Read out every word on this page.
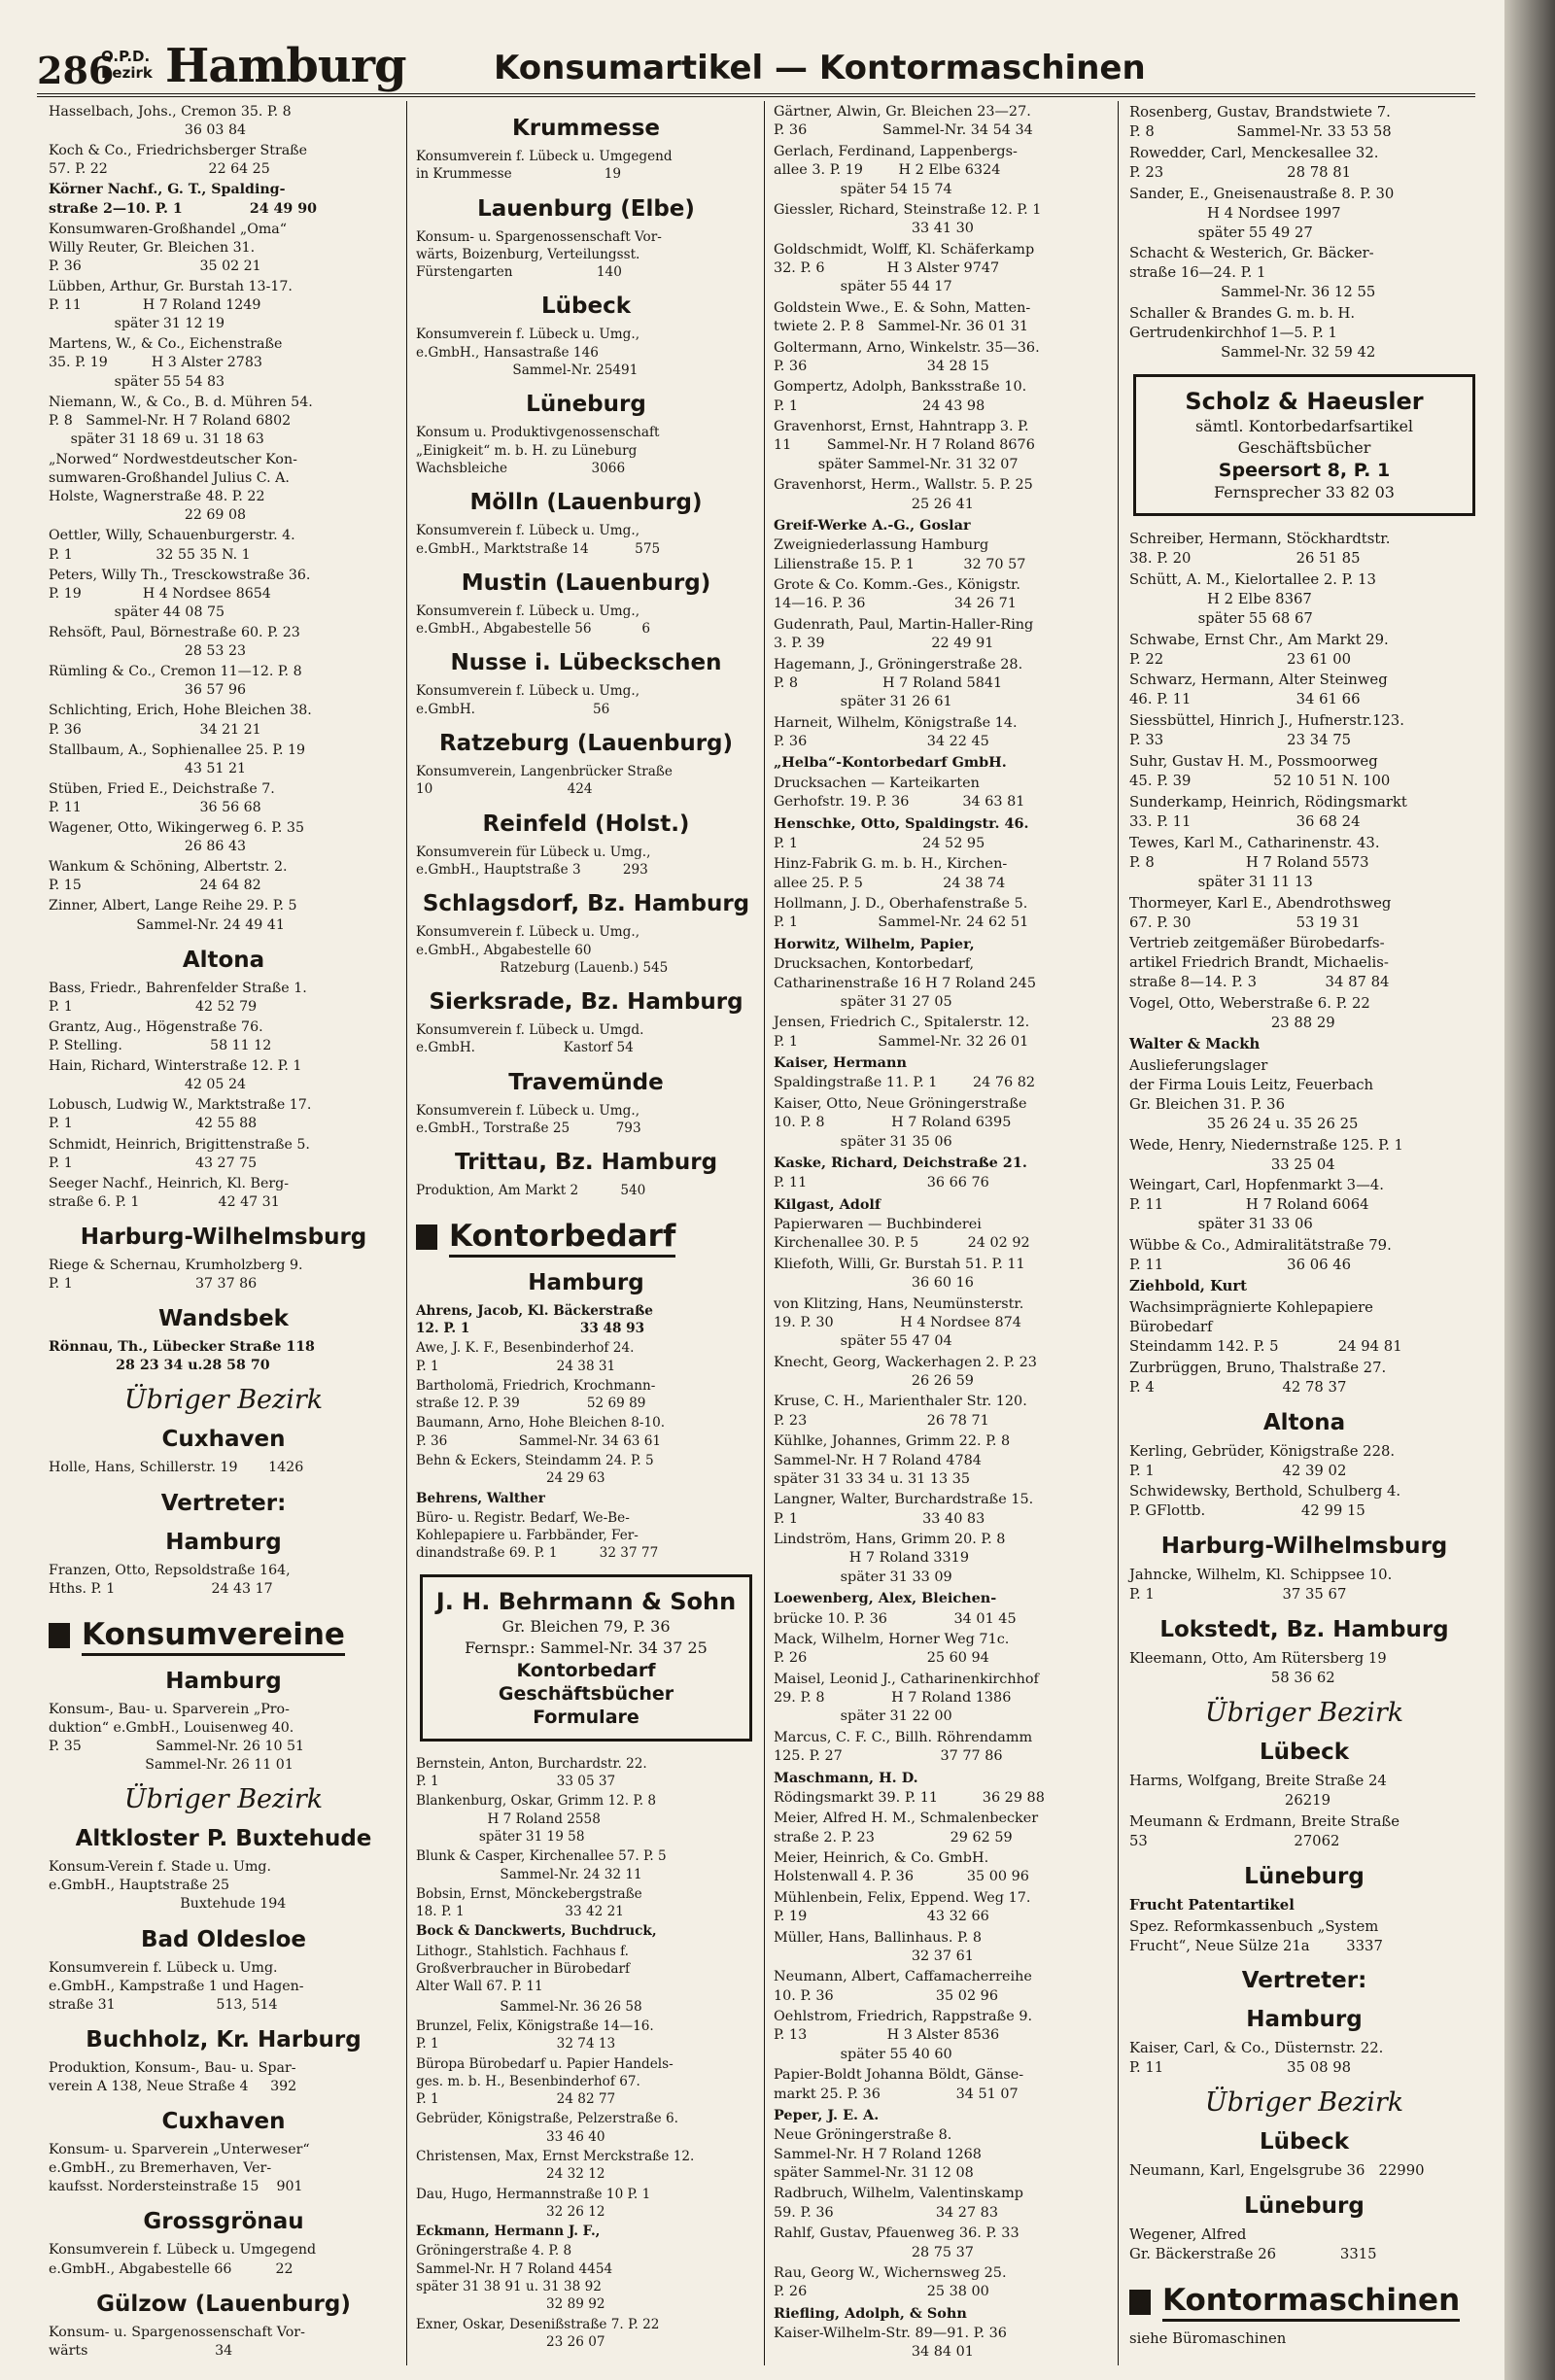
286
O.P.D.
Bezirk Hamburg	Konsumartikel — Kontormaschinen
Hasselbach, Johs., Cremon 35. P. 8
36 03 84
Koch & Co., Friedrichsberger Straße
57. P. 22                       22 64 25
Körner Nachf., G. T., Spalding-
straße 2—10. P. 1              24 49 90
Konsumwaren-Großhandel „Oma“
Willy Reuter, Gr. Bleichen 31.
P. 36                           35 02 21
Lübben, Arthur, Gr. Burstah 13-17.
P. 11              H 7 Roland 1249
später 31 12 19
Martens, W., & Co., Eichenstraße
35. P. 19          H 3 Alster 2783
später 55 54 83
Niemann, W., & Co., B. d. Mühren 54.
P. 8   Sammel-Nr. H 7 Roland 6802
später 31 18 69 u. 31 18 63
„Norwed“ Nordwestdeutscher Kon-
sumwaren-Großhandel Julius C. A.
Holste, Wagnerstraße 48. P. 22
22 69 08
Oettler, Willy, Schauenburgerstr. 4.
P. 1                   32 55 35 N. 1
Peters, Willy Th., Tresckowstraße 36.
P. 19              H 4 Nordsee 8654
später 44 08 75
Rehsöft, Paul, Börnestraße 60. P. 23
28 53 23
Rümling & Co., Cremon 11—12. P. 8
36 57 96
Schlichting, Erich, Hohe Bleichen 38.
P. 36                           34 21 21
Stallbaum, A., Sophienallee 25. P. 19
43 51 21
Stüben, Fried E., Deichstraße 7.
P. 11                           36 56 68
Wagener, Otto, Wikingerweg 6. P. 35
26 86 43
Wankum & Schöning, Albertstr. 2.
P. 15                           24 64 82
Zinner, Albert, Lange Reihe 29. P. 5
Sammel-Nr. 24 49 41
Altona
Bass, Friedr., Bahrenfelder Straße 1.
P. 1                            42 52 79
Grantz, Aug., Högenstraße 76.
P. Stelling.                    58 11 12
Hain, Richard, Winterstraße 12. P. 1
42 05 24
Lobusch, Ludwig W., Marktstraße 17.
P. 1                            42 55 88
Schmidt, Heinrich, Brigittenstraße 5.
P. 1                            43 27 75
Seeger Nachf., Heinrich, Kl. Berg-
straße 6. P. 1                  42 47 31
Harburg-Wilhelmsburg
Riege & Schernau, Krumholzberg 9.
P. 1                            37 37 86
Wandsbek
Rönnau, Th., Lübecker Straße 118
28 23 34 u.28 58 70
Übriger Bezirk
Cuxhaven
Holle, Hans, Schillerstr. 19       1426
Vertreter:
Hamburg
Franzen, Otto, Repsoldstraße 164,
Hths. P. 1                      24 43 17
Konsumvereine
Hamburg
Konsum-, Bau- u. Sparverein „Pro-
duktion“ e.GmbH., Louisenweg 40.
P. 35                 Sammel-Nr. 26 10 51
Sammel-Nr. 26 11 01
Übriger Bezirk
Altkloster P. Buxtehude
Konsum-Verein f. Stade u. Umg.
e.GmbH., Hauptstraße 25
Buxtehude 194
Bad Oldesloe
Konsumverein f. Lübeck u. Umg.
e.GmbH., Kampstraße 1 und Hagen-
straße 31                       513, 514
Buchholz, Kr. Harburg
Produktion, Konsum-, Bau- u. Spar-
verein A 138, Neue Straße 4     392
Cuxhaven
Konsum- u. Sparverein „Unterweser“
e.GmbH., zu Bremerhaven, Ver-
kaufsst. Nordersteinstraße 15    901
Grossgrönau
Konsumverein f. Lübeck u. Umgegend
e.GmbH., Abgabestelle 66          22
Gülzow (Lauenburg)
Konsum- u. Spargenossenschaft Vor-
wärts                             34
Krummesse
Konsumverein f. Lübeck u. Umgegend
in Krummesse                      19
Lauenburg (Elbe)
Konsum- u. Spargenossenschaft Vor-
wärts, Boizenburg, Verteilungsst.
Fürstengarten                    140
Lübeck
Konsumverein f. Lübeck u. Umg.,
e.GmbH., Hansastraße 146
Sammel-Nr. 25491
Lüneburg
Konsum u. Produktivgenossenschaft
„Einigkeit“ m. b. H. zu Lüneburg
Wachsbleiche                    3066
Mölln (Lauenburg)
Konsumverein f. Lübeck u. Umg.,
e.GmbH., Marktstraße 14           575
Mustin (Lauenburg)
Konsumverein f. Lübeck u. Umg.,
e.GmbH., Abgabestelle 56            6
Nusse i. Lübeckschen
Konsumverein f. Lübeck u. Umg.,
e.GmbH.                            56
Ratzeburg (Lauenburg)
Konsumverein, Langenbrücker Straße
10                                424
Reinfeld (Holst.)
Konsumverein für Lübeck u. Umg.,
e.GmbH., Hauptstraße 3          293
Schlagsdorf, Bz. Hamburg
Konsumverein f. Lübeck u. Umg.,
e.GmbH., Abgabestelle 60
Ratzeburg (Lauenb.) 545
Sierksrade, Bz. Hamburg
Konsumverein f. Lübeck u. Umgd.
e.GmbH.                     Kastorf 54
Travemünde
Konsumverein f. Lübeck u. Umg.,
e.GmbH., Torstraße 25           793
Trittau, Bz. Hamburg
Produktion, Am Markt 2          540
Kontorbedarf
Hamburg
Ahrens, Jacob, Kl. Bäckerstraße
12. P. 1                        33 48 93
Awe, J. K. F., Besenbinderhof 24.
P. 1                            24 38 31
Bartholomä, Friedrich, Krochmann-
straße 12. P. 39                52 69 89
Baumann, Arno, Hohe Bleichen 8-10.
P. 36                 Sammel-Nr. 34 63 61
Behn & Eckers, Steindamm 24. P. 5
24 29 63
Behrens, Walther
Büro- u. Registr. Bedarf, We-Be-
Kohlepapiere u. Farbbänder, Fer-
dinandstraße 69. P. 1          32 37 77
J. H. Behrmann & Sohn
Gr. Bleichen 79, P. 36
Fernspr.: Sammel-Nr. 34 37 25
Kontorbedarf
Geschäftsbücher
Formulare
Bernstein, Anton, Burchardstr. 22.
P. 1                            33 05 37
Blankenburg, Oskar, Grimm 12. P. 8
H 7 Roland 2558
später 31 19 58
Blunk & Casper, Kirchenallee 57. P. 5
Sammel-Nr. 24 32 11
Bobsin, Ernst, Mönckebergstraße
18. P. 1                        33 42 21
Bock & Danckwerts, Buchdruck,
Lithogr., Stahlstich. Fachhaus f.
Großverbraucher in Bürobedarf
Alter Wall 67. P. 11
Sammel-Nr. 36 26 58
Brunzel, Felix, Königstraße 14—16.
P. 1                            32 74 13
Büropa Bürobedarf u. Papier Handels-
ges. m. b. H., Besenbinderhof 67.
P. 1                            24 82 77
Gebrüder, Königstraße, Pelzerstraße 6.
33 46 40
Christensen, Max, Ernst Merckstraße 12.
24 32 12
Dau, Hugo, Hermannstraße 10 P. 1
32 26 12
Eckmann, Hermann J. F.,
Gröningerstraße 4. P. 8
Sammel-Nr. H 7 Roland 4454
später 31 38 91 u. 31 38 92
32 89 92
Exner, Oskar, Desenißstraße 7. P. 22
23 26 07
Gärtner, Alwin, Gr. Bleichen 23—27.
P. 36                 Sammel-Nr. 34 54 34
Gerlach, Ferdinand, Lappenbergs-
allee 3. P. 19        H 2 Elbe 6324
später 54 15 74
Giessler, Richard, Steinstraße 12. P. 1
33 41 30
Goldschmidt, Wolff, Kl. Schäferkamp
32. P. 6              H 3 Alster 9747
später 55 44 17
Goldstein Wwe., E. & Sohn, Matten-
twiete 2. P. 8   Sammel-Nr. 36 01 31
Goltermann, Arno, Winkelstr. 35—36.
P. 36                           34 28 15
Gompertz, Adolph, Banksstraße 10.
P. 1                            24 43 98
Gravenhorst, Ernst, Hahntrapp 3. P.
11        Sammel-Nr. H 7 Roland 8676
später Sammel-Nr. 31 32 07
Gravenhorst, Herm., Wallstr. 5. P. 25
25 26 41
Greif-Werke A.-G., Goslar
Zweigniederlassung Hamburg
Lilienstraße 15. P. 1           32 70 57
Grote & Co. Komm.-Ges., Königstr.
14—16. P. 36                    34 26 71
Gudenrath, Paul, Martin-Haller-Ring
3. P. 39                        22 49 91
Hagemann, J., Gröningerstraße 28.
P. 8                   H 7 Roland 5841
später 31 26 61
Harneit, Wilhelm, Königstraße 14.
P. 36                           34 22 45
„Helba“-Kontorbedarf GmbH.
Drucksachen — Karteikarten
Gerhofstr. 19. P. 36            34 63 81
Henschke, Otto, Spaldingstr. 46.
P. 1                            24 52 95
Hinz-Fabrik G. m. b. H., Kirchen-
allee 25. P. 5                  24 38 74
Hollmann, J. D., Oberhafenstraße 5.
P. 1                  Sammel-Nr. 24 62 51
Horwitz, Wilhelm, Papier,
Drucksachen, Kontorbedarf,
Catharinenstraße 16 H 7 Roland 245
später 31 27 05
Jensen, Friedrich C., Spitalerstr. 12.
P. 1                  Sammel-Nr. 32 26 01
Kaiser, Hermann
Spaldingstraße 11. P. 1        24 76 82
Kaiser, Otto, Neue Gröningerstraße
10. P. 8               H 7 Roland 6395
später 31 35 06
Kaske, Richard, Deichstraße 21.
P. 11                           36 66 76
Kilgast, Adolf
Papierwaren — Buchbinderei
Kirchenallee 30. P. 5           24 02 92
Kliefoth, Willi, Gr. Burstah 51. P. 11
36 60 16
von Klitzing, Hans, Neumünsterstr.
19. P. 30               H 4 Nordsee 874
später 55 47 04
Knecht, Georg, Wackerhagen 2. P. 23
26 26 59
Kruse, C. H., Marienthaler Str. 120.
P. 23                           26 78 71
Kühlke, Johannes, Grimm 22. P. 8
Sammel-Nr. H 7 Roland 4784
später 31 33 34 u. 31 13 35
Langner, Walter, Burchardstraße 15.
P. 1                            33 40 83
Lindström, Hans, Grimm 20. P. 8
H 7 Roland 3319
später 31 33 09
Loewenberg, Alex, Bleichen-
brücke 10. P. 36               34 01 45
Mack, Wilhelm, Horner Weg 71c.
P. 26                           25 60 94
Maisel, Leonid J., Catharinenkirchhof
29. P. 8               H 7 Roland 1386
später 31 22 00
Marcus, C. F. C., Billh. Röhrendamm
125. P. 27                      37 77 86
Maschmann, H. D.
Rödingsmarkt 39. P. 11          36 29 88
Meier, Alfred H. M., Schmalenbecker
straße 2. P. 23                 29 62 59
Meier, Heinrich, & Co. GmbH.
Holstenwall 4. P. 36            35 00 96
Mühlenbein, Felix, Eppend. Weg 17.
P. 19                           43 32 66
Müller, Hans, Ballinhaus. P. 8
32 37 61
Neumann, Albert, Caffamacherreihe
10. P. 36                       35 02 96
Oehlstrom, Friedrich, Rappstraße 9.
P. 13                  H 3 Alster 8536
später 55 40 60
Papier-Boldt Johanna Böldt, Gänse-
markt 25. P. 36                 34 51 07
Peper, J. E. A.
Neue Gröningerstraße 8.
Sammel-Nr. H 7 Roland 1268
später Sammel-Nr. 31 12 08
Radbruch, Wilhelm, Valentinskamp
59. P. 36                       34 27 83
Rahlf, Gustav, Pfauenweg 36. P. 33
28 75 37
Rau, Georg W., Wichernsweg 25.
P. 26                           25 38 00
Riefling, Adolph, & Sohn
Kaiser-Wilhelm-Str. 89—91. P. 36
34 84 01
Rosenberg, Gustav, Brandstwiete 7.
P. 8                  Sammel-Nr. 33 53 58
Rowedder, Carl, Menckesallee 32.
P. 23                           28 78 81
Sander, E., Gneisenaustraße 8. P. 30
H 4 Nordsee 1997
später 55 49 27
Schacht & Westerich, Gr. Bäcker-
straße 16—24. P. 1
Sammel-Nr. 36 12 55
Schaller & Brandes G. m. b. H.
Gertrudenkirchhof 1—5. P. 1
Sammel-Nr. 32 59 42
Scholz & Haeusler
sämtl. Kontorbedarfsartikel
Geschäftsbücher
Speersort 8, P. 1
Fernsprecher 33 82 03
Schreiber, Hermann, Stöckhardtstr.
38. P. 20                       26 51 85
Schütt, A. M., Kielortallee 2. P. 13
H 2 Elbe 8367
später 55 68 67
Schwabe, Ernst Chr., Am Markt 29.
P. 22                           23 61 00
Schwarz, Hermann, Alter Steinweg
46. P. 11                       34 61 66
Siessbüttel, Hinrich J., Hufnerstr.123.
P. 33                           23 34 75
Suhr, Gustav H. M., Possmoorweg
45. P. 39                  52 10 51 N. 100
Sunderkamp, Heinrich, Rödingsmarkt
33. P. 11                       36 68 24
Tewes, Karl M., Catharinenstr. 43.
P. 8                    H 7 Roland 5573
später 31 11 13
Thormeyer, Karl E., Abendrothsweg
67. P. 30                       53 19 31
Vertrieb zeitgemäßer Bürobedarfs-
artikel Friedrich Brandt, Michaelis-
straße 8—14. P. 3               34 87 84
Vogel, Otto, Weberstraße 6. P. 22
23 88 29
Walter & Mackh
Auslieferungslager
der Firma Louis Leitz, Feuerbach
Gr. Bleichen 31. P. 36
35 26 24 u. 35 26 25
Wede, Henry, Niedernstraße 125. P. 1
33 25 04
Weingart, Carl, Hopfenmarkt 3—4.
P. 11                  H 7 Roland 6064
später 31 33 06
Wübbe & Co., Admiralitätstraße 79.
P. 11                           36 06 46
Ziehbold, Kurt
Wachsimprägnierte Kohlepapiere
Bürobedarf
Steindamm 142. P. 5             24 94 81
Zurbrüggen, Bruno, Thalstraße 27.
P. 4                            42 78 37
Altona
Kerling, Gebrüder, Königstraße 228.
P. 1                            42 39 02
Schwidewsky, Berthold, Schulberg 4.
P. GFlottb.                     42 99 15
Harburg-Wilhelmsburg
Jahncke, Wilhelm, Kl. Schippsee 10.
P. 1                            37 35 67
Lokstedt, Bz. Hamburg
Kleemann, Otto, Am Rütersberg 19
58 36 62
Übriger Bezirk
Lübeck
Harms, Wolfgang, Breite Straße 24
26219
Meumann & Erdmann, Breite Straße
53                                27062
Lüneburg
Frucht Patentartikel
Spez. Reformkassenbuch „System
Frucht“, Neue Sülze 21a        3337
Vertreter:
Hamburg
Kaiser, Carl, & Co., Düsternstr. 22.
P. 11                           35 08 98
Übriger Bezirk
Lübeck
Neumann, Karl, Engelsgrube 36   22990
Lüneburg
Wegener, Alfred
Gr. Bäckerstraße 26              3315
Kontormaschinen
siehe Büromaschinen
